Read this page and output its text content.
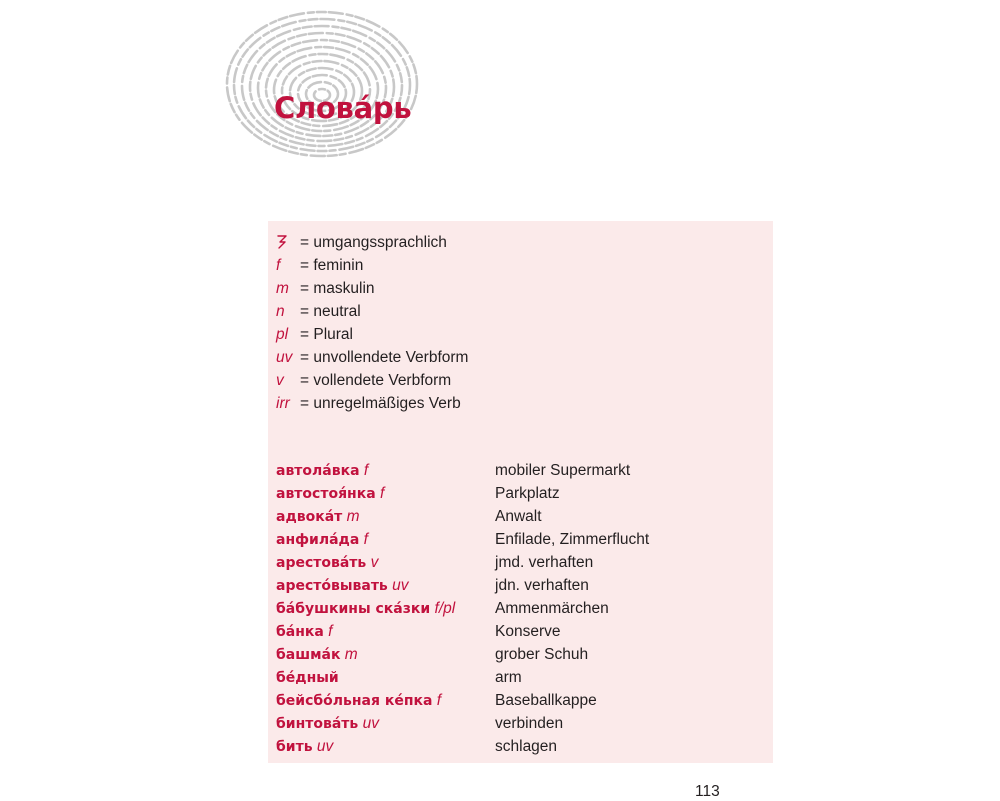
Слова́рь
= umgangssprachlich
f = feminin
m = maskulin
n = neutral
pl = Plural
uv = unvollendete Verbform
v = vollendete Verbform
irr = unregelmäßiges Verb
автола́вка f	mobiler Supermarkt
автостоя́нка f	Parkplatz
адвока́т m	Anwalt
анфила́да f	Enfilade, Zimmerflucht
арестова́ть v	jmd. verhaften
аресто́вывать uv	jdn. verhaften
ба́бушкины ска́зки f/pl	Ammenmärchen
ба́нка f	Konserve
башма́к m	grober Schuh
бе́дный	arm
бейсбо́льная ке́пка f	Baseballkappe
бинтова́ть uv	verbinden
бить uv	schlagen
113
